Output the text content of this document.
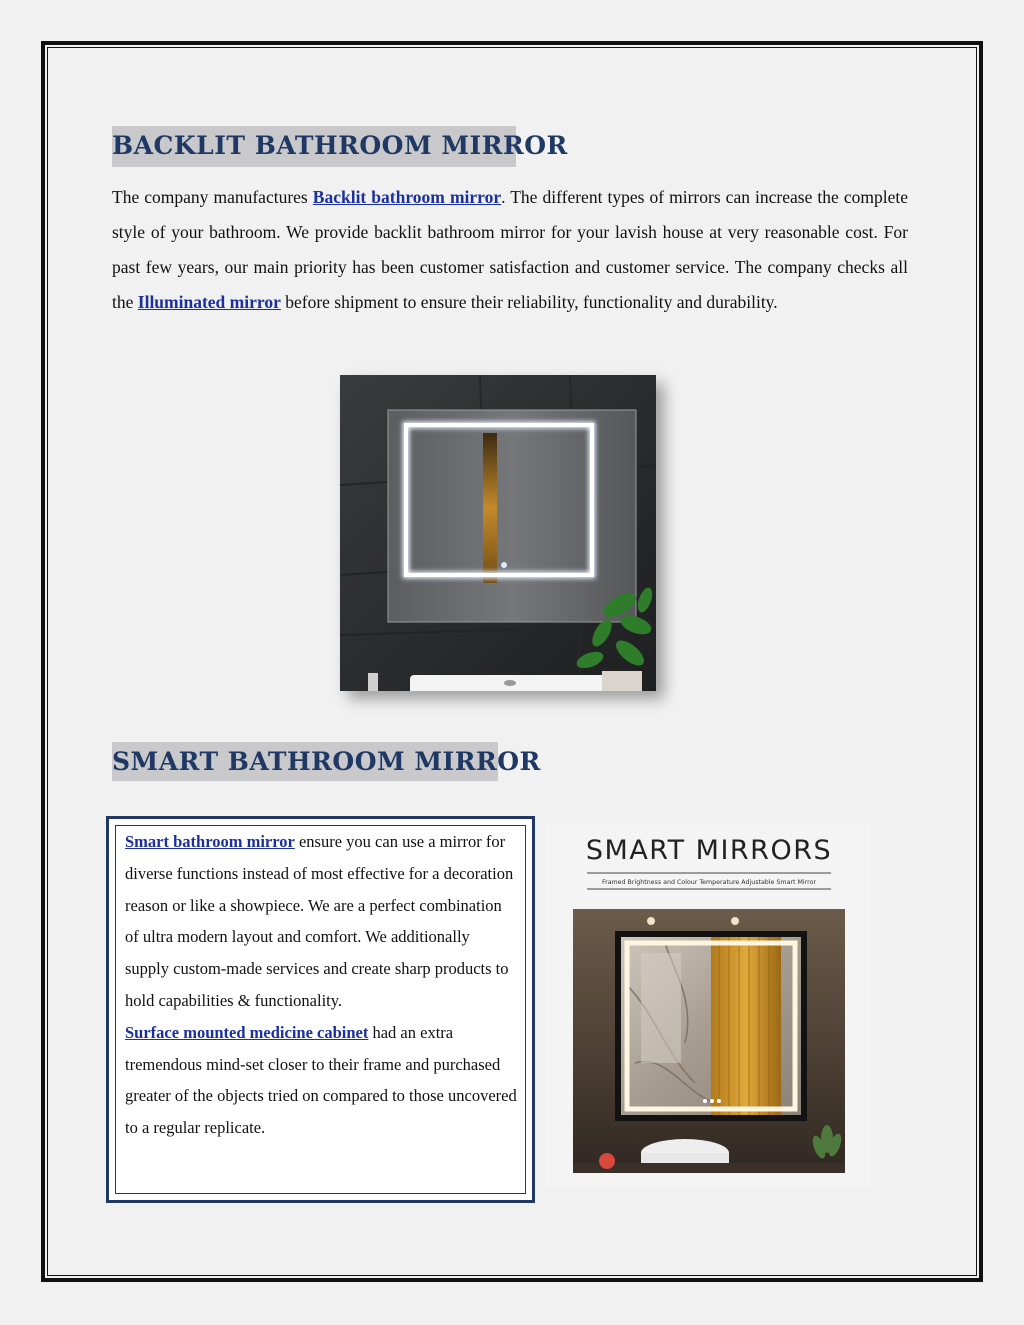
BACKLIT BATHROOM MIRROR

The company manufactures Backlit bathroom mirror. The different types of mirrors can increase the complete style of your bathroom. We provide backlit bathroom mirror for your lavish house at very reasonable cost. For past few years, our main priority has been customer satisfaction and customer service. The company checks all the Illuminated mirror before shipment to ensure their reliability, functionality and durability.

SMART BATHROOM MIRROR

Smart bathroom mirror ensure you can use a mirror for diverse functions instead of most effective for a decoration reason or like a showpiece. We are a perfect combination of ultra modern layout and comfort. We additionally supply custom-made services and create sharp products to hold capabilities & functionality.
Surface mounted medicine cabinet had an extra tremendous mind-set closer to their frame and purchased greater of the objects tried on compared to those uncovered to a regular replicate.

SMART MIRRORS
Framed Brightness and Colour Temperature Adjustable Smart Mirror
